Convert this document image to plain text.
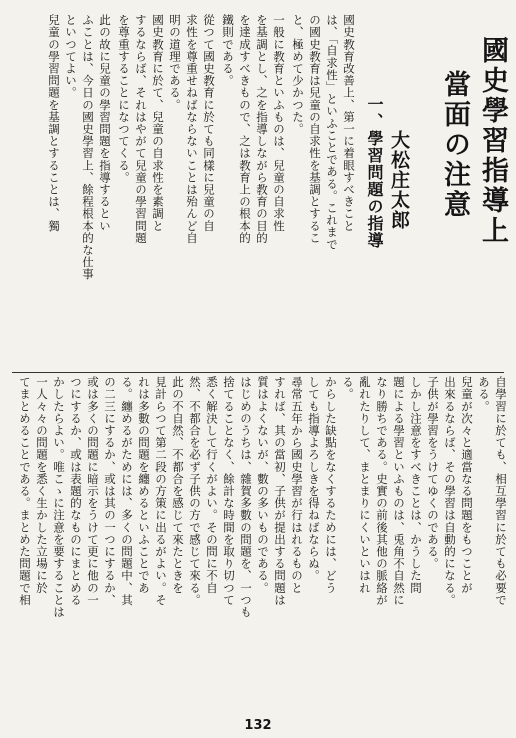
國史學習指導上
當面の注意
大松庄太郎
一、學習問題の指導
國史教育改善上、第一に着眼すべきこと
は、「自求性」といふことである。これまで
の國史教育は兒童の自求性を基調とするこ
と、極めて少かつた。
一般に教育といふものは、兒童の自求性
を基調とし、之を指導しながら教育の目的
を達成すべきもので、之は教育上の根本的
鐵則である。
從つて國史教育に於ても同樣に兒童の自
求性を尊重せねばならないことは殆んど自
明の道理である。
國史教育に於て、兒童の自求性を素調と
するならば、それはやがて兒童の學習問題
を尊重することになつてくる。
此の故に兒童の學習問題を指導するとい
ふことは、今日の國史學習上、餘程根本的な仕事
といつてよい。
兒童の學習問題を基調とすることは、獨
自學習に於ても、相互學習に於ても必要で
ある。
兒童が次々と適當なる問題をもつことが
出來るならば、その學習は自動的になる。
子供が學習をうけてゆくのである。
しかし注意をすべきことは、かうした問
題による學習といふものは、兎角不自然に
なり勝ちである。史實の前後其他の脈絡が
亂れたりして、まとまりにくいといはれ
る。
からした缺點をなくするためには、どう
しても指導よろしきを得ねばならぬ。
尋常五年から國史學習が行はれるものと
すれば、其の當初、子供が提出する問題は
質はよくないが、數の多いものである。
はじめのうちは、雜賀多數の問題を、一つも
捨てることなく、餘計な時間を取り切つて
悉く解決して行くがよい。その問に不自
然、不都合を必ず子供の方で感じて來る。
此の不自然、不都合を感じて來たときを
見計らつて第二段の方策に出るがよい。そ
れは多數の問題を纏めるといふことであ
る。纏めるがためには、多くの問題中、其
の二三にするか、或は其の一つにするか、
或は多くの問題に暗示をうけて更に他の一
つにするか、或は表題的なものにまとめる
かしたらよい。唯こゝに注意を要することは
一人々々の問題を悉く生かした立場に於
てまとめることである。まとめた問題で相
132
